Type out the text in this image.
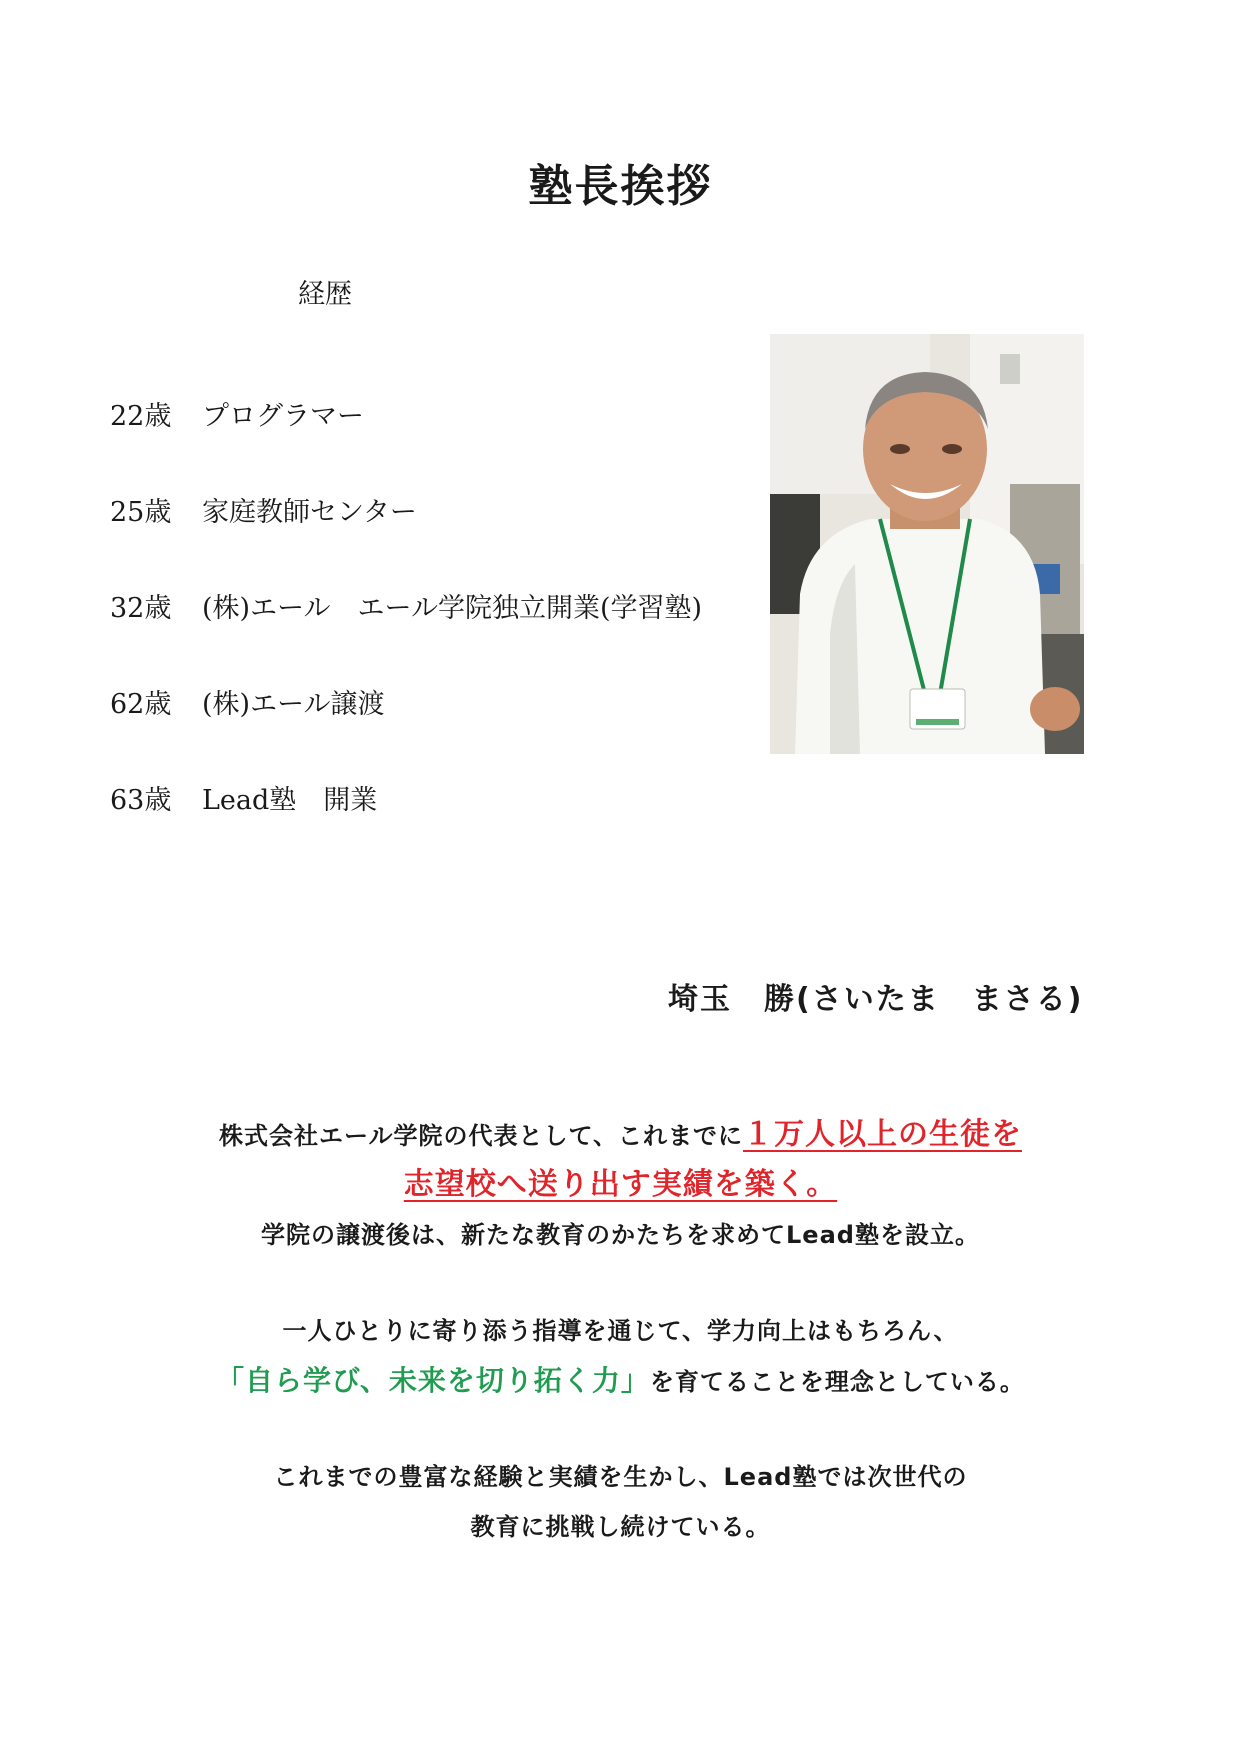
塾長挨拶
経歴
22歳 プログラマー
25歳 家庭教師センター
32歳 (株)エール　エール学院独立開業(学習塾)
62歳 (株)エール譲渡
63歳 Lead塾　開業
埼玉　勝(さいたま　まさる)
株式会社エール学院の代表として、これまでに１万人以上の生徒を
志望校へ送り出す実績を築く。
学院の譲渡後は、新たな教育のかたちを求めてLead塾を設立。
一人ひとりに寄り添う指導を通じて、学力向上はもちろん、
「自ら学び、未来を切り拓く力」を育てることを理念としている。
これまでの豊富な経験と実績を生かし、Lead塾では次世代の
教育に挑戦し続けている。
